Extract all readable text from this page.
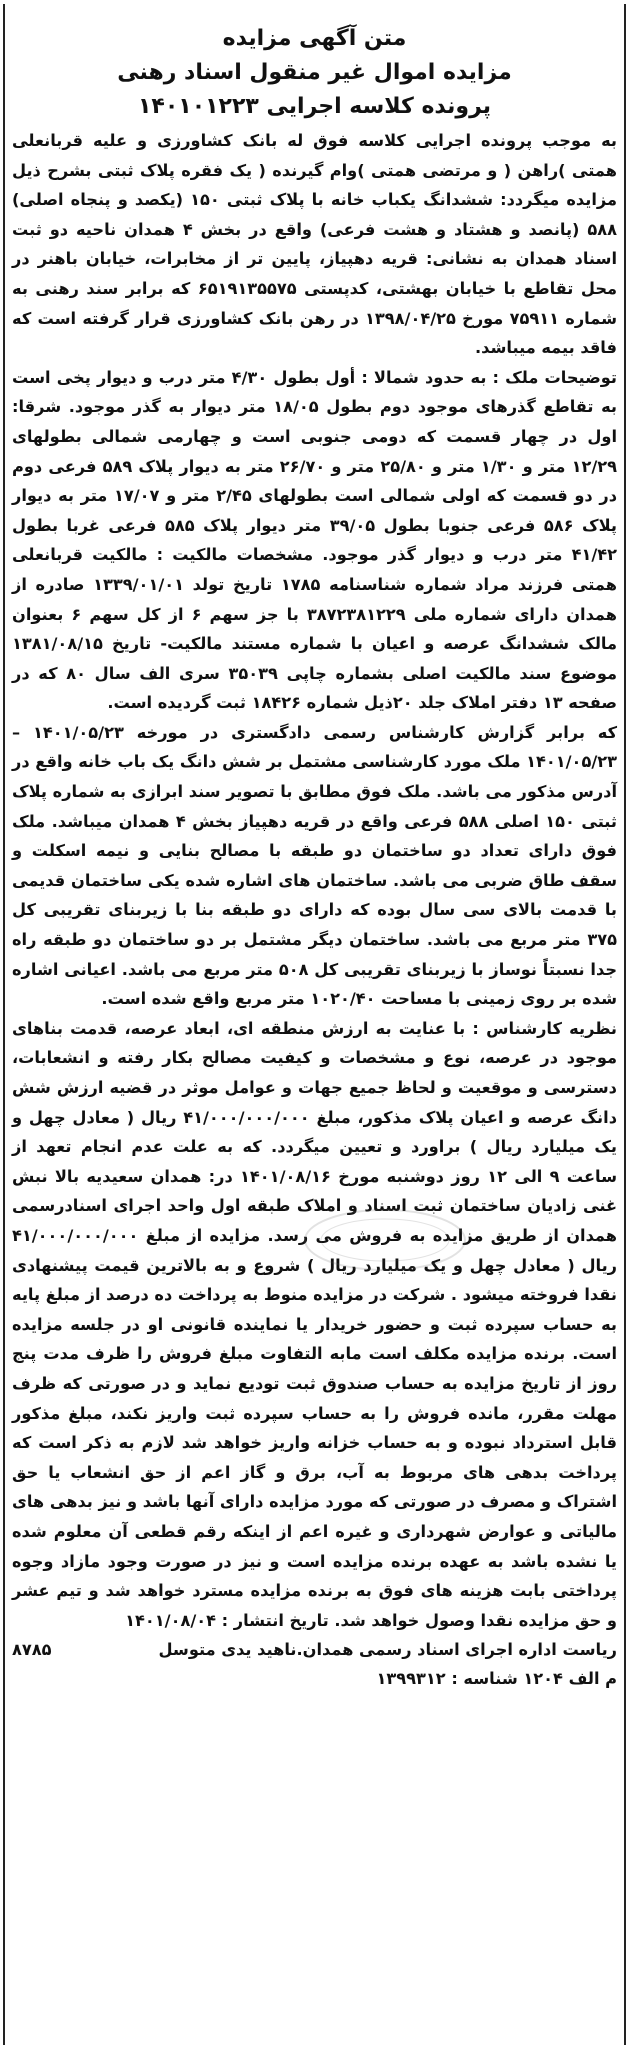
متن آگهی مزایده
مزایده اموال غیر منقول اسناد رهنی
پرونده کلاسه اجرایی ۱۴۰۱۰۱۲۲۳

به موجب پرونده اجرایی کلاسه فوق له بانک کشاورزی و علیه قربانعلی همتی )راهن ( و مرتضی همتی )وام گیرنده ( یک فقره پلاک ثبتی بشرح ذیل مزایده میگردد: ششدانگ یکباب خانه با پلاک ثبتی ۱۵۰ (یکصد و پنجاه اصلی) ۵۸۸ (پانصد و هشتاد و هشت فرعی) واقع در بخش ۴ همدان ناحیه دو ثبت اسناد همدان به نشانی: قریه دهپیاز، پایین تر از مخابرات، خیابان باهنر در محل تقاطع با خیابان بهشتی، کدپستی ۶۵۱۹۱۳۵۵۷۵ که برابر سند رهنی به شماره ۷۵۹۱۱ مورخ ۱۳۹۸/۰۴/۲۵ در رهن بانک کشاورزی قرار گرفته است که فاقد بیمه میباشد.

توضیحات ملک : به حدود شمالا : أول بطول ۴/۳۰ متر درب و دیوار پخی است به تقاطع گذرهای موجود دوم بطول ۱۸/۰۵ متر دیوار به گذر موجود. شرقا: اول در چهار قسمت که دومی جنوبی است و چهارمی شمالی بطولهای ۱۲/۲۹ متر و ۱/۳۰ متر و ۲۵/۸۰ متر و ۲۶/۷۰ متر به دیوار پلاک ۵۸۹ فرعی دوم در دو قسمت که اولی شمالی است بطولهای ۲/۴۵ متر و ۱۷/۰۷ متر به دیوار پلاک ۵۸۶ فرعی جنوبا بطول ۳۹/۰۵ متر دیوار پلاک ۵۸۵ فرعی غربا بطول ۴۱/۴۲ متر درب و دیوار گذر موجود. مشخصات مالکیت : مالکیت قربانعلی همتی فرزند مراد شماره شناسنامه ۱۷۸۵ تاریخ تولد ۱۳۳۹/۰۱/۰۱ صادره از همدان دارای شماره ملی ۳۸۷۲۳۸۱۲۲۹ با جز سهم ۶ از کل سهم ۶ بعنوان مالک ششدانگ عرصه و اعیان با شماره مستند مالکیت- تاریخ ۱۳۸۱/۰۸/۱۵ موضوع سند مالکیت اصلی بشماره چاپی ۳۵۰۳۹ سری الف سال ۸۰ که در صفحه ۱۳ دفتر املاک جلد ۲۰ذیل شماره ۱۸۴۲۶ ثبت گردیده است.

که برابر گزارش کارشناس رسمی دادگستری در مورخه ۱۴۰۱/۰۵/۲۳ – ۱۴۰۱/۰۵/۲۳ ملک مورد کارشناسی مشتمل بر شش دانگ یک باب خانه واقع در آدرس مذکور می باشد. ملک فوق مطابق با تصویر سند ابرازی به شماره پلاک ثبتی ۱۵۰ اصلی ۵۸۸ فرعی واقع در قریه دهپیاز بخش ۴ همدان میباشد. ملک فوق دارای تعداد دو ساختمان دو طبقه با مصالح بنایی و نیمه اسکلت و سقف طاق ضربی می باشد. ساختمان های اشاره شده یکی ساختمان قدیمی با قدمت بالای سی سال بوده که دارای دو طبقه بنا با زیربنای تقریبی کل ۳۷۵ متر مربع می باشد. ساختمان دیگر مشتمل بر دو ساختمان دو طبقه راه جدا نسبتاً نوساز با زیربنای تقریبی کل ۵۰۸ متر مربع می باشد. اعیانی اشاره شده بر روی زمینی با مساحت ۱۰۲۰/۴۰ متر مربع واقع شده است.

نظریه کارشناس : با عنایت به ارزش منطقه ای، ابعاد عرصه، قدمت بناهای موجود در عرصه، نوع و مشخصات و کیفیت مصالح بکار رفته و انشعابات، دسترسی و موقعیت و لحاظ جمیع جهات و عوامل موثر در قضیه ارزش شش دانگ عرصه و اعیان پلاک مذکور، مبلغ ۴۱/۰۰۰/۰۰۰/۰۰۰ ریال ( معادل چهل و یک میلیارد ریال ) براورد و تعیین میگردد. که به علت عدم انجام تعهد از ساعت ۹ الی ۱۲ روز دوشنبه مورخ ۱۴۰۱/۰۸/۱۶ در: همدان سعیدیه بالا نبش غنی زادیان ساختمان ثبت اسناد و املاک طبقه اول واحد اجرای اسنادرسمی همدان از طریق مزایده به فروش می رسد. مزایده از مبلغ ۴۱/۰۰۰/۰۰۰/۰۰۰ ریال ( معادل چهل و یک میلیارد ریال ) شروع و به بالاترین قیمت پیشنهادی نقدا فروخته میشود . شرکت در مزایده منوط به پرداخت ده درصد از مبلغ پایه به حساب سپرده ثبت و حضور خریدار یا نماینده قانونی او در جلسه مزایده است. برنده مزایده مکلف است مابه التفاوت مبلغ فروش را ظرف مدت پنج روز از تاریخ مزایده به حساب صندوق ثبت تودیع نماید و در صورتی که ظرف مهلت مقرر، مانده فروش را به حساب سپرده ثبت واریز نکند، مبلغ مذکور قابل استرداد نبوده و به حساب خزانه واریز خواهد شد لازم به ذکر است که پرداخت بدهی های مربوط به آب، برق و گاز اعم از حق انشعاب یا حق اشتراک و مصرف در صورتی که مورد مزایده دارای آنها باشد و نیز بدهی های مالیاتی و عوارض شهرداری و غیره اعم از اینکه رقم قطعی آن معلوم شده یا نشده باشد به عهده برنده مزایده است و نیز در صورت وجود مازاد وجوه پرداختی بابت هزینه های فوق به برنده مزایده مسترد خواهد شد و تیم عشر و حق مزایده نقدا وصول خواهد شد. تاریخ انتشار : ۱۴۰۱/۰۸/۰۴

ریاست اداره اجرای اسناد رسمی همدان.ناهید یدی متوسل
۸۷۸۵
م الف ۱۲۰۴ شناسه : ۱۳۹۹۳۱۲
